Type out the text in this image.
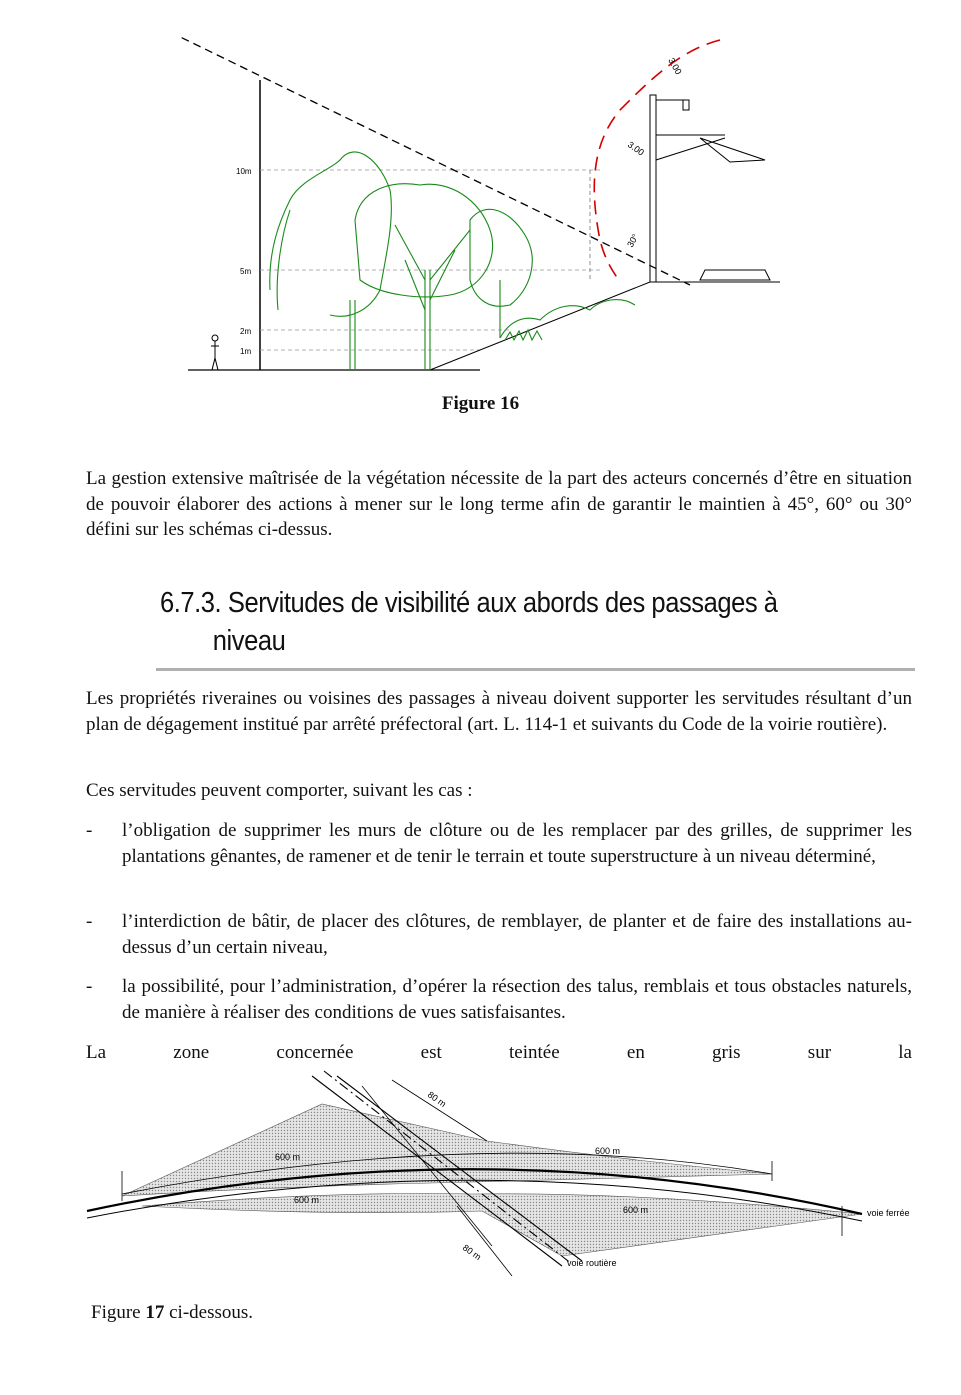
10m
5m
2m
1m
3.00
3.00
30°
Figure 16

La gestion extensive maîtrisée de la végétation nécessite de la part des acteurs concernés d’être en situation de pouvoir élaborer des actions à mener sur le long terme afin de garantir le maintien à 45°, 60° ou 30° défini sur les schémas ci-dessus.

6.7.3. Servitudes de visibilité aux abords des passages à
niveau

Les propriétés riveraines ou voisines des passages à niveau doivent supporter les servitudes résultant d’un plan de dégagement institué par arrêté préfectoral (art. L. 114-1 et suivants du Code de la voirie routière).

Ces servitudes peuvent comporter, suivant les cas :

- l’obligation de supprimer les murs de clôture ou de les remplacer par des grilles, de supprimer les plantations gênantes, de ramener et de tenir le terrain et toute superstructure à un niveau déterminé,
- l’interdiction de bâtir, de placer des clôtures, de remblayer, de planter et de faire des installations au-dessus d’un certain niveau,
- la possibilité, pour l’administration, d’opérer la résection des talus, remblais et tous obstacles naturels, de manière à réaliser des conditions de vues satisfaisantes.

La zone concernée est teintée en gris sur la

80 m
80 m
600 m
600 m
600 m
600 m	voie ferrée
voie routière
Figure 17 ci-dessous.
